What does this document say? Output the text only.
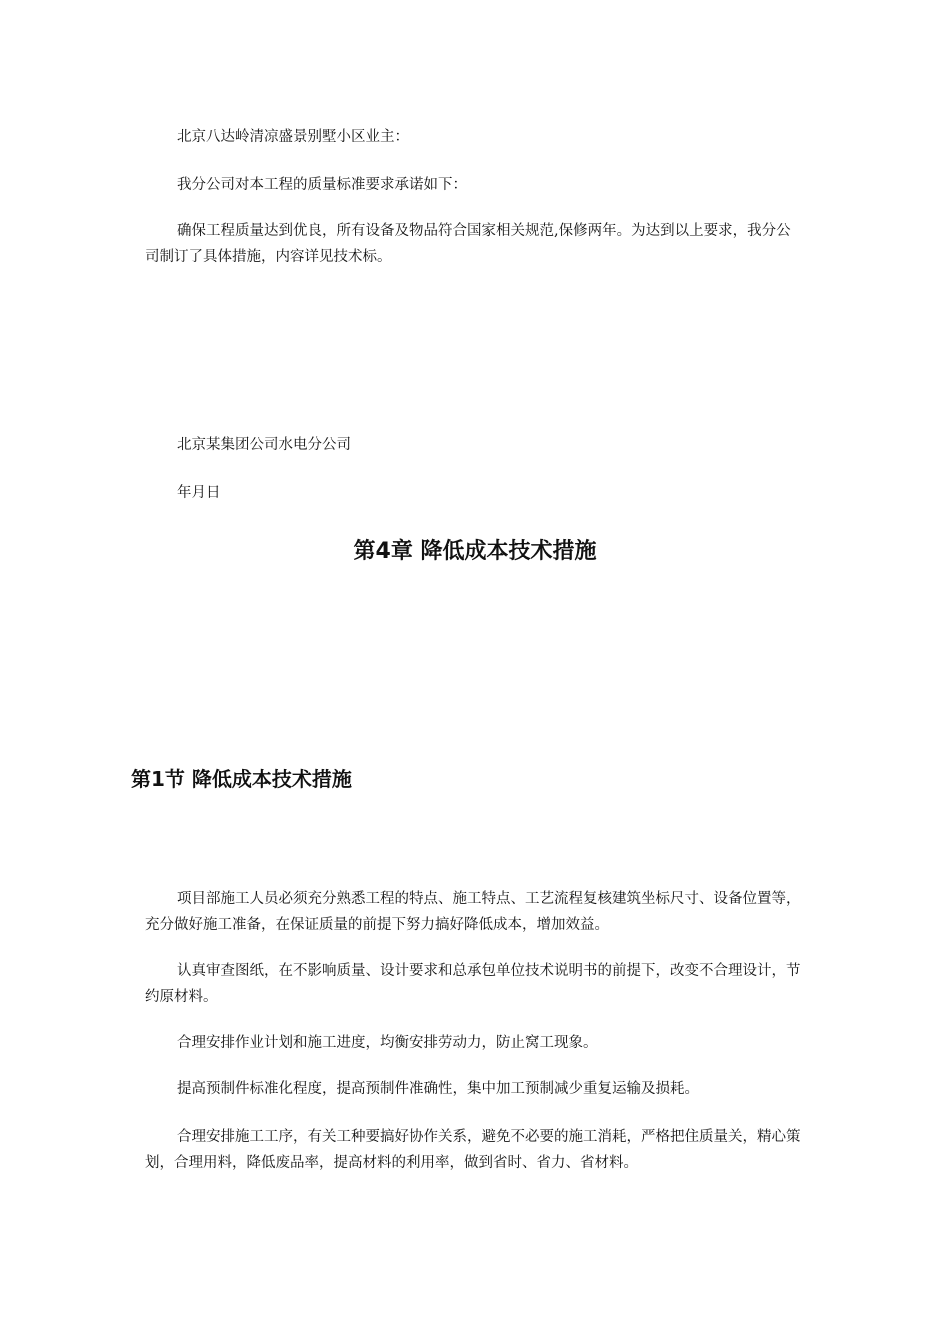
北京八达岭清凉盛景别墅小区业主：

我分公司对本工程的质量标准要求承诺如下：

确保工程质量达到优良，所有设备及物品符合国家相关规范,保修两年。为达到以上要求，我分公司制订了具体措施，内容详见技术标。

北京某集团公司水电分公司

年月日

第4章 降低成本技术措施
第1节 降低成本技术措施

项目部施工人员必须充分熟悉工程的特点、施工特点、工艺流程复核建筑坐标尺寸、设备位置等，充分做好施工准备，在保证质量的前提下努力搞好降低成本，增加效益。

认真审查图纸，在不影响质量、设计要求和总承包单位技术说明书的前提下，改变不合理设计，节约原材料。

合理安排作业计划和施工进度，均衡安排劳动力，防止窝工现象。

提高预制件标准化程度，提高预制件准确性，集中加工预制减少重复运输及损耗。

合理安排施工工序，有关工种要搞好协作关系，避免不必要的施工消耗，严格把住质量关，精心策划，合理用料，降低废品率，提高材料的利用率，做到省时、省力、省材料。
